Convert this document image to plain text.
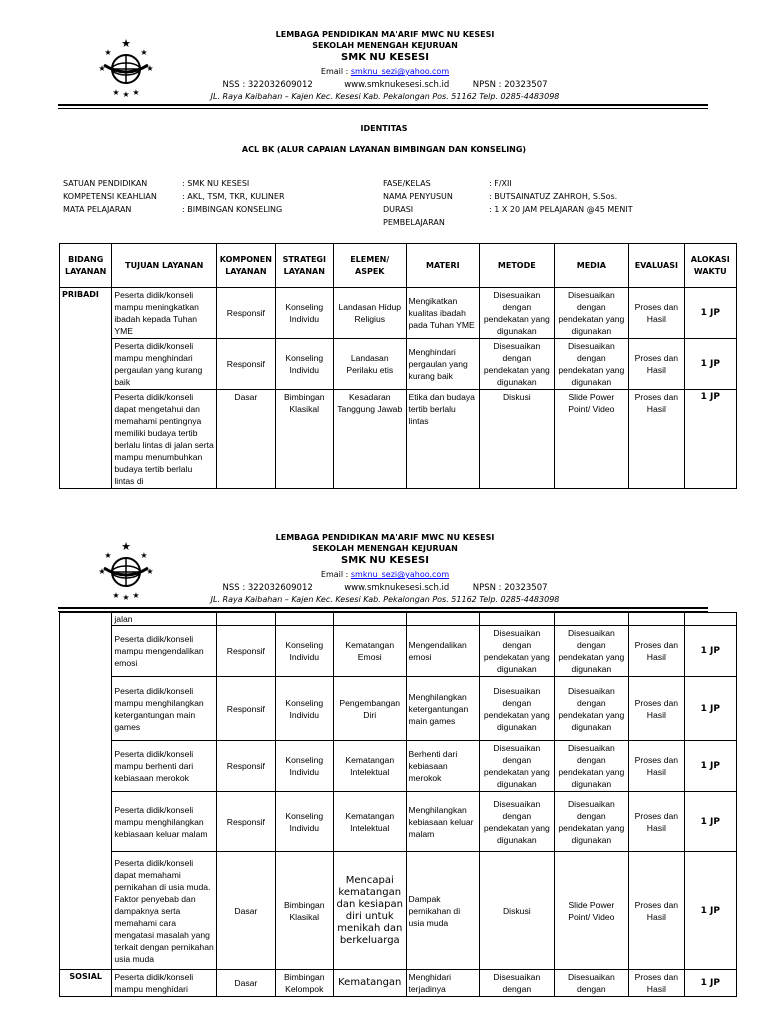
★
★	★
★	★
★ ★ ★
LEMBAGA PENDIDIKAN MA'ARIF MWC NU KESESI
SEKOLAH MENENGAH KEJURUAN
SMK NU KESESI
Email : smknu_sezi@yahoo.com
NSS : 322032609012	www.smknukesesi.sch.id	NPSN : 20323507
JL. Raya Kaibahan – Kajen Kec. Kesesi Kab. Pekalongan Pos. 51162 Telp. 0285-4483098
IDENTITAS
ACL BK (ALUR CAPAIAN LAYANAN BIMBINGAN DAN KONSELING)
SATUAN PENDIDIKAN	: SMK NU KESESI
KOMPETENSI KEAHLIAN	: AKL, TSM, TKR, KULINER
MATA PELAJARAN	: BIMBINGAN KONSELING
FASE/KELAS	: F/XII
NAMA PENYUSUN	: BUTSAINATUZ ZAHROH, S.Sos.
DURASI	: 1 X 20 JAM PELAJARAN @45 MENIT
PEMBELAJARAN
BIDANG LAYANAN	TUJUAN LAYANAN	KOMPONEN LAYANAN	STRATEGI LAYANAN	ELEMEN/ ASPEK	MATERI	METODE	MEDIA	EVALUASI	ALOKASI WAKTU
PRIBADI	Peserta didik/konseli mampu meningkatkan ibadah kepada Tuhan YME	Responsif	Konseling Individu	Landasan Hidup Religius	Mengikatkan kualitas ibadah pada Tuhan YME	Disesuaikan dengan pendekatan yang digunakan	Disesuaikan dengan pendekatan yang digunakan	Proses dan Hasil	1 JP
	Peserta didik/konseli mampu menghindari pergaulan yang kurang baik	Responsif	Konseling Individu	Landasan Perilaku etis	Menghindari pergaulan yang kurang baik	Disesuaikan dengan pendekatan yang digunakan	Disesuaikan dengan pendekatan yang digunakan	Proses dan Hasil	1 JP
	Peserta didik/konseli dapat mengetahui dan memahami pentingnya memiliki budaya tertib berlalu lintas di jalan serta mampu menumbuhkan budaya tertib berlalu lintas di	Dasar	Bimbingan Klasikal	Kesadaran Tanggung Jawab	Etika dan budaya tertib berlalu lintas	Diskusi	Slide Power Point/ Video	Proses dan Hasil	1 JP
★
★	★
★	★
★ ★ ★
LEMBAGA PENDIDIKAN MA'ARIF MWC NU KESESI
SEKOLAH MENENGAH KEJURUAN
SMK NU KESESI
Email : smknu_sezi@yahoo.com
NSS : 322032609012	www.smknukesesi.sch.id	NPSN : 20323507
JL. Raya Kaibahan – Kajen Kec. Kesesi Kab. Pekalongan Pos. 51162 Telp. 0285-4483098
	jalan								
	Peserta didik/konseli mampu mengendalikan emosi	Responsif	Konseling Individu	Kematangan Emosi	Mengendalikan emosi	Disesuaikan dengan pendekatan yang digunakan	Disesuaikan dengan pendekatan yang digunakan	Proses dan Hasil	1 JP
	Peserta didik/konseli mampu menghilangkan ketergantungan main games	Responsif	Konseling Individu	Pengembangan Diri	Menghilangkan ketergantungan main games	Disesuaikan dengan pendekatan yang digunakan	Disesuaikan dengan pendekatan yang digunakan	Proses dan Hasil	1 JP
	Peserta didik/konseli mampu berhenti dari kebiasaan merokok	Responsif	Konseling Individu	Kematangan Intelektual	Berhenti dari kebiasaan merokok	Disesuaikan dengan pendekatan yang digunakan	Disesuaikan dengan pendekatan yang digunakan	Proses dan Hasil	1 JP
	Peserta didik/konseli mampu menghilangkan kebiasaan keluar malam	Responsif	Konseling Individu	Kematangan Intelektual	Menghilangkan kebiasaan keluar malam	Disesuaikan dengan pendekatan yang digunakan	Disesuaikan dengan pendekatan yang digunakan	Proses dan Hasil	1 JP
	Peserta didik/konseli dapat memahami pernikahan di usia muda. Faktor penyebab dan dampaknya serta memahami cara mengatasi masalah yang terkait dengan pernikahan usia muda	Dasar	Bimbingan Klasikal	Mencapai kematangan dan kesiapan diri untuk menikah dan berkeluarga	Dampak pernikahan di usia muda	Diskusi	Slide Power Point/ Video	Proses dan Hasil	1 JP
SOSIAL	Peserta didik/konseli mampu menghidari	Dasar	Bimbingan Kelompok	Kematangan	Menghidari terjadinya	Disesuaikan dengan	Disesuaikan dengan	Proses dan Hasil	1 JP
